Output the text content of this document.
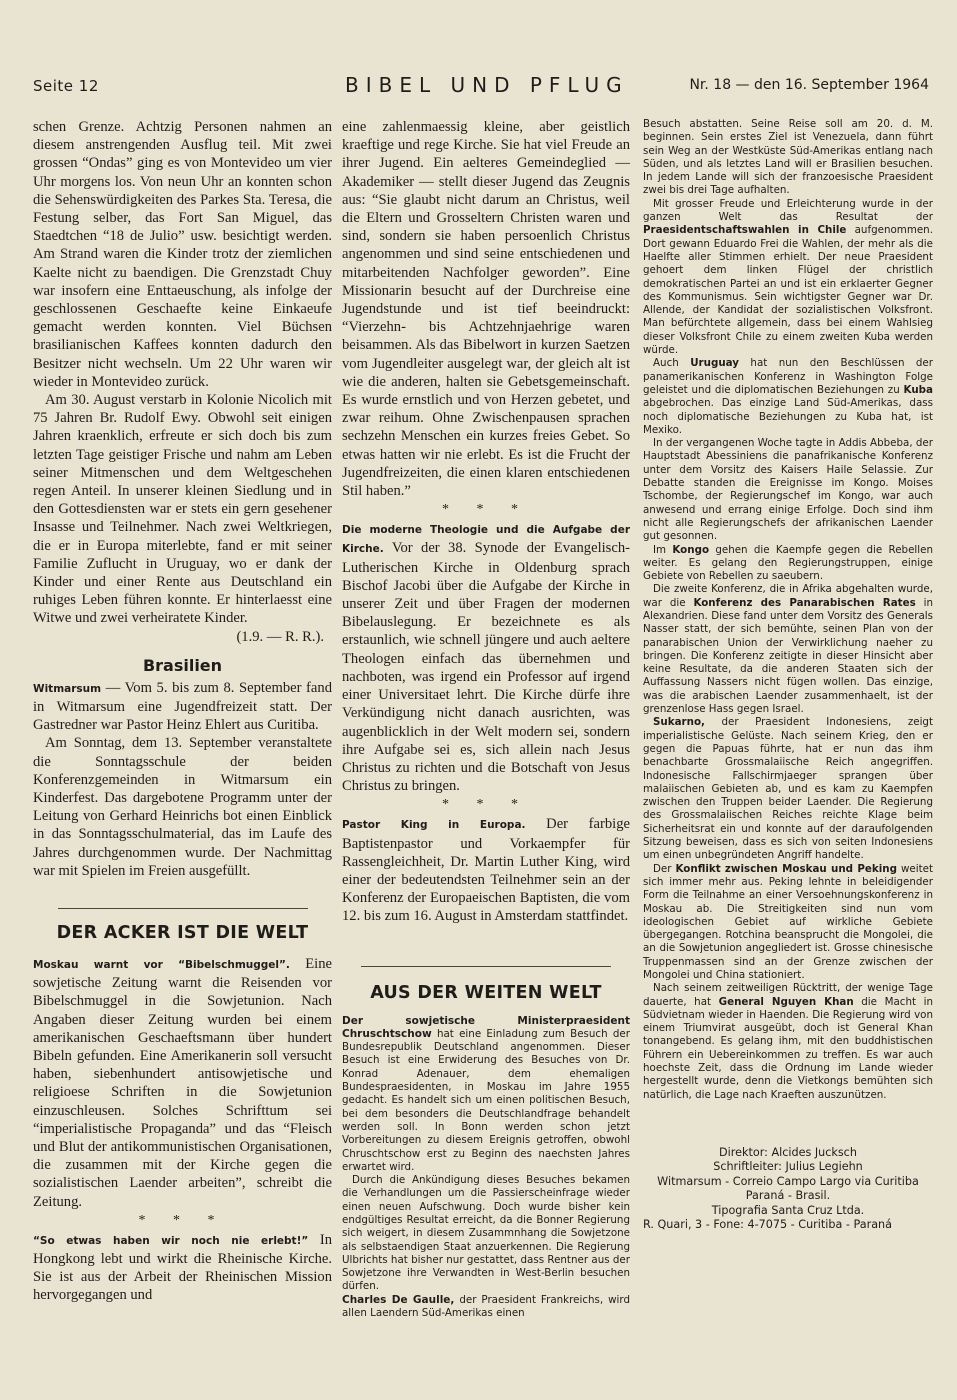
Seite 12	BIBEL UND PFLUG	Nr. 18 — den 16. September 1964

schen Grenze. Achtzig Personen nahmen an diesem anstrengenden Ausflug teil. Mit zwei grossen “Ondas” ging es von Montevideo um vier Uhr morgens los. Von neun Uhr an konnten schon die Sehenswürdigkeiten des Parkes Sta. Teresa, die Festung selber, das Fort San Miguel, das Staedtchen “18 de Julio” usw. besichtigt werden. Am Strand waren die Kinder trotz der ziemlichen Kaelte nicht zu baendigen. Die Grenzstadt Chuy war insofern eine Enttaeuschung, als infolge der geschlossenen Geschaefte keine Einkaeufe gemacht werden konnten. Viel Büchsen brasilianischen Kaffees konnten dadurch den Besitzer nicht wechseln. Um 22 Uhr waren wir wieder in Montevideo zurück.

Am 30. August verstarb in Kolonie Nicolich mit 75 Jahren Br. Rudolf Ewy. Obwohl seit einigen Jahren kraenklich, erfreute er sich doch bis zum letzten Tage geistiger Frische und nahm am Leben seiner Mitmenschen und dem Weltgeschehen regen Anteil. In unserer kleinen Siedlung und in den Gottesdiensten war er stets ein gern gesehener Insasse und Teilnehmer. Nach zwei Weltkriegen, die er in Europa miterlebte, fand er mit seiner Familie Zuflucht in Uruguay, wo er dank der Kinder und einer Rente aus Deutschland ein ruhiges Leben führen konnte. Er hinterlaesst eine Witwe und zwei verheiratete Kinder.

(1.9. — R. R.).

Brasilien

Witmarsum — Vom 5. bis zum 8. September fand in Witmarsum eine Jugendfreizeit statt. Der Gastredner war Pastor Heinz Ehlert aus Curitiba.

Am Sonntag, dem 13. September veranstaltete die Sonntagsschule der beiden Konferenzgemeinden in Witmarsum ein Kinderfest. Das dargebotene Programm unter der Leitung von Gerhard Heinrichs bot einen Einblick in das Sonntagsschulmaterial, das im Laufe des Jahres durchgenommen wurde. Der Nachmittag war mit Spielen im Freien ausgefüllt.

DER ACKER IST DIE WELT

Moskau warnt vor “Bibelschmuggel”. Eine sowjetische Zeitung warnt die Reisenden vor Bibelschmuggel in die Sowjetunion. Nach Angaben dieser Zeitung wurden bei einem amerikanischen Geschaeftsmann über hundert Bibeln gefunden. Eine Amerikanerin soll versucht haben, siebenhundert antisowjetische und religioese Schriften in die Sowjetunion einzuschleusen. Solches Schrifttum sei “imperialistische Propaganda” und das “Fleisch und Blut der antikommunistischen Organisationen, die zusammen mit der Kirche gegen die sozialistischen Laender arbeiten”, schreibt die Zeitung.

* * *

“So etwas haben wir noch nie erlebt!” In Hongkong lebt und wirkt die Rheinische Kirche. Sie ist aus der Arbeit der Rheinischen Mission hervorgegangen und

eine zahlenmaessig kleine, aber geistlich kraeftige und rege Kirche. Sie hat viel Freude an ihrer Jugend. Ein aelteres Gemeindeglied — Akademiker — stellt dieser Jugend das Zeugnis aus: “Sie glaubt nicht darum an Christus, weil die Eltern und Grosseltern Christen waren und sind, sondern sie haben persoenlich Christus angenommen und sind seine entschiedenen und mitarbeitenden Nachfolger geworden”. Eine Missionarin besucht auf der Durchreise eine Jugendstunde und ist tief beeindruckt: “Vierzehn- bis Achtzehnjaehrige waren beisammen. Als das Bibelwort in kurzen Saetzen vom Jugendleiter ausgelegt war, der gleich alt ist wie die anderen, halten sie Gebetsgemeinschaft. Es wurde ernstlich und von Herzen gebetet, und zwar reihum. Ohne Zwischenpausen sprachen sechzehn Menschen ein kurzes freies Gebet. So etwas hatten wir nie erlebt. Es ist die Frucht der Jugendfreizeiten, die einen klaren entschiedenen Stil haben.”

* * *

Die moderne Theologie und die Aufgabe der Kirche. Vor der 38. Synode der Evangelisch-Lutherischen Kirche in Oldenburg sprach Bischof Jacobi über die Aufgabe der Kirche in unserer Zeit und über Fragen der modernen Bibelauslegung. Er bezeichnete es als erstaunlich, wie schnell jüngere und auch aeltere Theologen einfach das übernehmen und nachboten, was irgend ein Professor auf irgend einer Universitaet lehrt. Die Kirche dürfe ihre Verkündigung nicht danach ausrichten, was augenblicklich in der Welt modern sei, sondern ihre Aufgabe sei es, sich allein nach Jesus Christus zu richten und die Botschaft von Jesus Christus zu bringen.

* * *

Pastor King in Europa. Der farbige Baptistenpastor und Vorkaempfer für Rassengleichheit, Dr. Martin Luther King, wird einer der bedeutendsten Teilnehmer sein an der Konferenz der Europaeischen Baptisten, die vom 12. bis zum 16. August in Amsterdam stattfindet.

AUS DER WEITEN WELT

Der sowjetische Ministerpraesident Chruschtschow hat eine Einladung zum Besuch der Bundesrepublik Deutschland angenommen. Dieser Besuch ist eine Erwiderung des Besuches von Dr. Konrad Adenauer, dem ehemaligen Bundespraesidenten, in Moskau im Jahre 1955 gedacht. Es handelt sich um einen politischen Besuch, bei dem besonders die Deutschlandfrage behandelt werden soll. In Bonn werden schon jetzt Vorbereitungen zu diesem Ereignis getroffen, obwohl Chruschtschow erst zu Beginn des naechsten Jahres erwartet wird.

Durch die Ankündigung dieses Besuches bekamen die Verhandlungen um die Passierscheinfrage wieder einen neuen Aufschwung. Doch wurde bisher kein endgültiges Resultat erreicht, da die Bonner Regierung sich weigert, in diesem Zusammnhang die Sowjetzone als selbstaendigen Staat anzuerkennen. Die Regierung Ulbrichts hat bisher nur gestattet, dass Rentner aus der Sowjetzone ihre Verwandten in West-Berlin besuchen dürfen.

Charles De Gaulle, der Praesident Frankreichs, wird allen Laendern Süd-Amerikas einen

Besuch abstatten. Seine Reise soll am 20. d. M. beginnen. Sein erstes Ziel ist Venezuela, dann führt sein Weg an der Westküste Süd-Amerikas entlang nach Süden, und als letztes Land will er Brasilien besuchen. In jedem Lande will sich der franzoesische Praesident zwei bis drei Tage aufhalten.

Mit grosser Freude und Erleichterung wurde in der ganzen Welt das Resultat der Praesidentschaftswahlen in Chile aufgenommen. Dort gewann Eduardo Frei die Wahlen, der mehr als die Haelfte aller Stimmen erhielt. Der neue Praesident gehoert dem linken Flügel der christlich demokratischen Partei an und ist ein erklaerter Gegner des Kommunismus. Sein wichtigster Gegner war Dr. Allende, der Kandidat der sozialistischen Volksfront. Man befürchtete allgemein, dass bei einem Wahlsieg dieser Volksfront Chile zu einem zweiten Kuba werden würde.

Auch Uruguay hat nun den Beschlüssen der panamerikanischen Konferenz in Washington Folge geleistet und die diplomatischen Beziehungen zu Kuba abgebrochen. Das einzige Land Süd-Amerikas, dass noch diplomatische Beziehungen zu Kuba hat, ist Mexiko.

In der vergangenen Woche tagte in Addis Abbeba, der Hauptstadt Abessiniens die panafrikanische Konferenz unter dem Vorsitz des Kaisers Haile Selassie. Zur Debatte standen die Ereignisse im Kongo. Moises Tschombe, der Regierungschef im Kongo, war auch anwesend und errang einige Erfolge. Doch sind ihm nicht alle Regierungschefs der afrikanischen Laender gut gesonnen.

Im Kongo gehen die Kaempfe gegen die Rebellen weiter. Es gelang den Regierungstruppen, einige Gebiete von Rebellen zu saeubern.

Die zweite Konferenz, die in Afrika abgehalten wurde, war die Konferenz des Panarabischen Rates in Alexandrien. Diese fand unter dem Vorsitz des Generals Nasser statt, der sich bemühte, seinen Plan von der panarabischen Union der Verwirklichung naeher zu bringen. Die Konferenz zeitigte in dieser Hinsicht aber keine Resultate, da die anderen Staaten sich der Auffassung Nassers nicht fügen wollen. Das einzige, was die arabischen Laender zusammenhaelt, ist der grenzenlose Hass gegen Israel.

Sukarno, der Praesident Indonesiens, zeigt imperialistische Gelüste. Nach seinem Krieg, den er gegen die Papuas führte, hat er nun das ihm benachbarte Grossmalaiische Reich angegriffen. Indonesische Fallschirmjaeger sprangen über malaiischen Gebieten ab, und es kam zu Kaempfen zwischen den Truppen beider Laender. Die Regierung des Grossmalaiischen Reiches reichte Klage beim Sicherheitsrat ein und konnte auf der daraufolgenden Sitzung beweisen, dass es sich von seiten Indonesiens um einen unbegründeten Angriff handelte.

Der Konflikt zwischen Moskau und Peking weitet sich immer mehr aus. Peking lehnte in beleidigender Form die Teilnahme an einer Versoehnungskonferenz in Moskau ab. Die Streitigkeiten sind nun vom ideologischen Gebiet auf wirkliche Gebiete übergegangen. Rotchina beansprucht die Mongolei, die an die Sowjetunion angegliedert ist. Grosse chinesische Truppenmassen sind an der Grenze zwischen der Mongolei und China stationiert.

Nach seinem zeitweiligen Rücktritt, der wenige Tage dauerte, hat General Nguyen Khan die Macht in Südvietnam wieder in Haenden. Die Regierung wird von einem Triumvirat ausgeübt, doch ist General Khan tonangebend. Es gelang ihm, mit den buddhistischen Führern ein Uebereinkommen zu treffen. Es war auch hoechste Zeit, dass die Ordnung im Lande wieder hergestellt wurde, denn die Vietkongs bemühten sich natürlich, die Lage nach Kraeften auszunützen.

Direktor: Alcides Jucksch

Schriftleiter: Julius Legiehn

Witmarsum - Correio Campo Largo via Curitiba

Paraná - Brasil.

Tipografia Santa Cruz Ltda.

R. Quari, 3 - Fone: 4-7075 - Curitiba - Paraná
